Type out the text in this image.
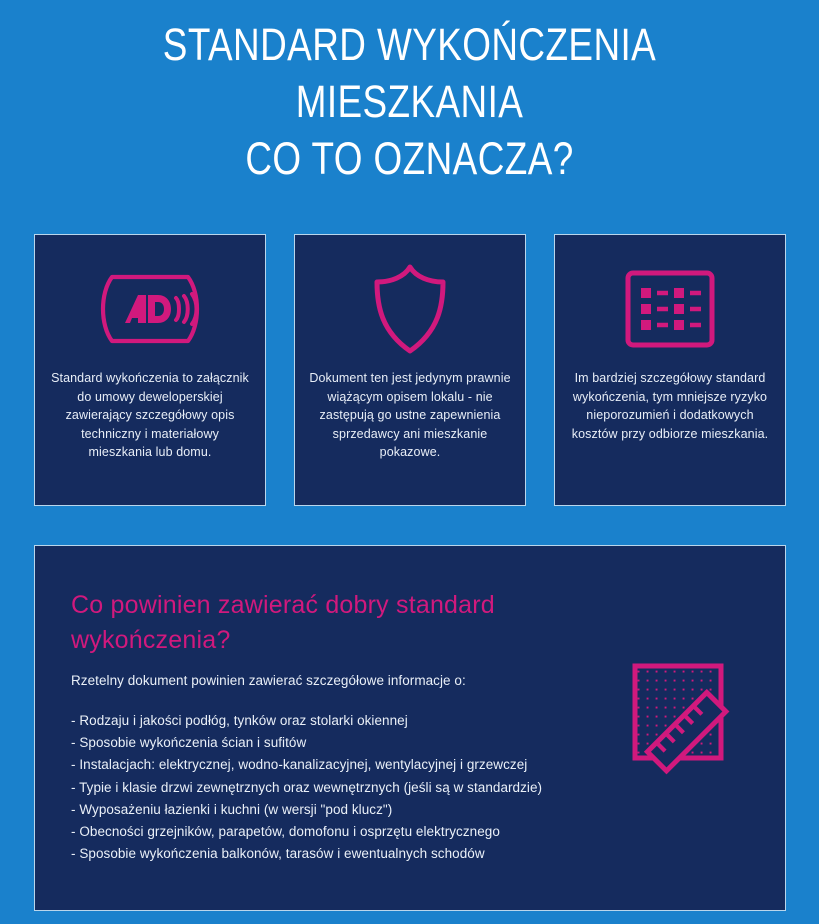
STANDARD WYKOŃCZENIA
MIESZKANIA
CO TO OZNACZA?
Standard wykończenia to załącznik do umowy deweloperskiej zawierający szczegółowy opis techniczny i materiałowy mieszkania lub domu.
Dokument ten jest jedynym prawnie wiążącym opisem lokalu - nie zastępują go ustne zapewnienia sprzedawcy ani mieszkanie pokazowe.
Im bardziej szczegółowy standard wykończenia, tym mniejsze ryzyko nieporozumień i dodatkowych kosztów przy odbiorze mieszkania.
Co powinien zawierać dobry standard wykończenia?
Rzetelny dokument powinien zawierać szczegółowe informacje o:
- Rodzaju i jakości podłóg, tynków oraz stolarki okiennej
- Sposobie wykończenia ścian i sufitów
- Instalacjach: elektrycznej, wodno-kanalizacyjnej, wentylacyjnej i grzewczej
- Typie i klasie drzwi zewnętrznych oraz wewnętrznych (jeśli są w standardzie)
- Wyposażeniu łazienki i kuchni (w wersji "pod klucz")
- Obecności grzejników, parapetów, domofonu i osprzętu elektrycznego
- Sposobie wykończenia balkonów, tarasów i ewentualnych schodów
